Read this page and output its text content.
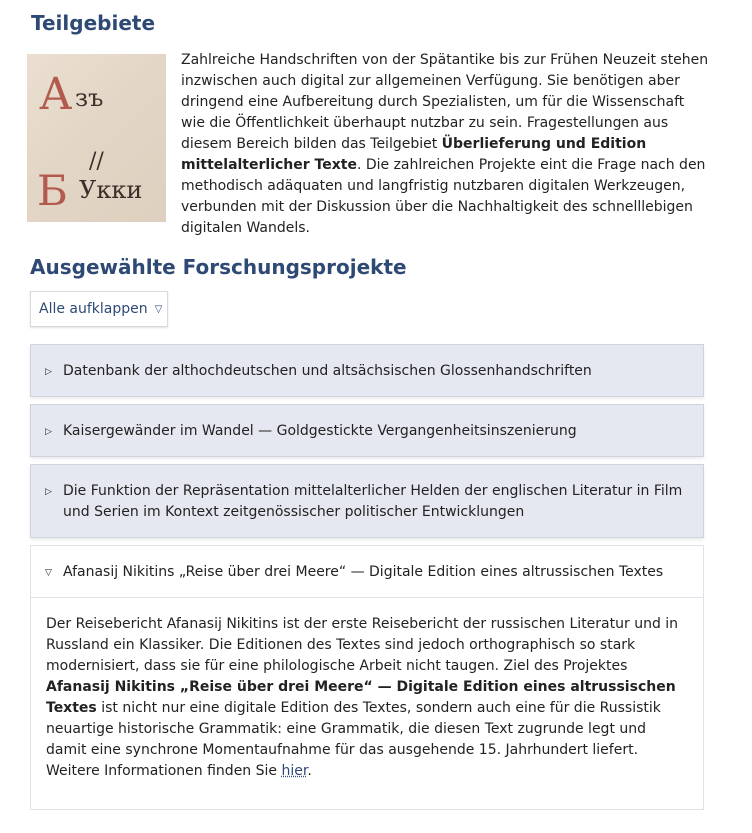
Teilgebiete
А зъ
//
Б Укки

Zahlreiche Handschriften von der Spätantike bis zur Frühen Neuzeit stehen inzwischen auch digital zur allgemeinen Verfügung. Sie benötigen aber dringend eine Aufbereitung durch Spezialisten, um für die Wissenschaft wie die Öffentlichkeit überhaupt nutzbar zu sein. Fragestellungen aus diesem Bereich bilden das Teilgebiet Überlieferung und Edition mittelalterlicher Texte. Die zahlreichen Projekte eint die Frage nach den methodisch adäquaten und langfristig nutzbaren digitalen Werkzeugen, verbunden mit der Diskussion über die Nachhaltigkeit des schnelllebigen digitalen Wandels.

Ausgewählte Forschungsprojekte
Alle aufklappen ▽
▷ Datenbank der althochdeutschen und altsächsischen Glossenhandschriften
▷ Kaisergewänder im Wandel — Goldgestickte Vergangenheitsinszenierung
▷ Die Funktion der Repräsentation mittelalterlicher Helden der englischen Literatur in Film und Serien im Kontext zeitgenössischer politischer Entwicklungen
▽ Afanasij Nikitins „Reise über drei Meere“ — Digitale Edition eines altrussischen Textes

Der Reisebericht Afanasij Nikitins ist der erste Reisebericht der russischen Literatur und in Russland ein Klassiker. Die Editionen des Textes sind jedoch orthographisch so stark modernisiert, dass sie für eine philologische Arbeit nicht taugen. Ziel des Projektes Afanasij Nikitins „Reise über drei Meere“ — Digitale Edition eines altrussischen Textes ist nicht nur eine digitale Edition des Textes, sondern auch eine für die Russistik neuartige historische Grammatik: eine Grammatik, die diesen Text zugrunde legt und damit eine synchrone Momentaufnahme für das ausgehende 15. Jahrhundert liefert. Weitere Informationen finden Sie hier.
